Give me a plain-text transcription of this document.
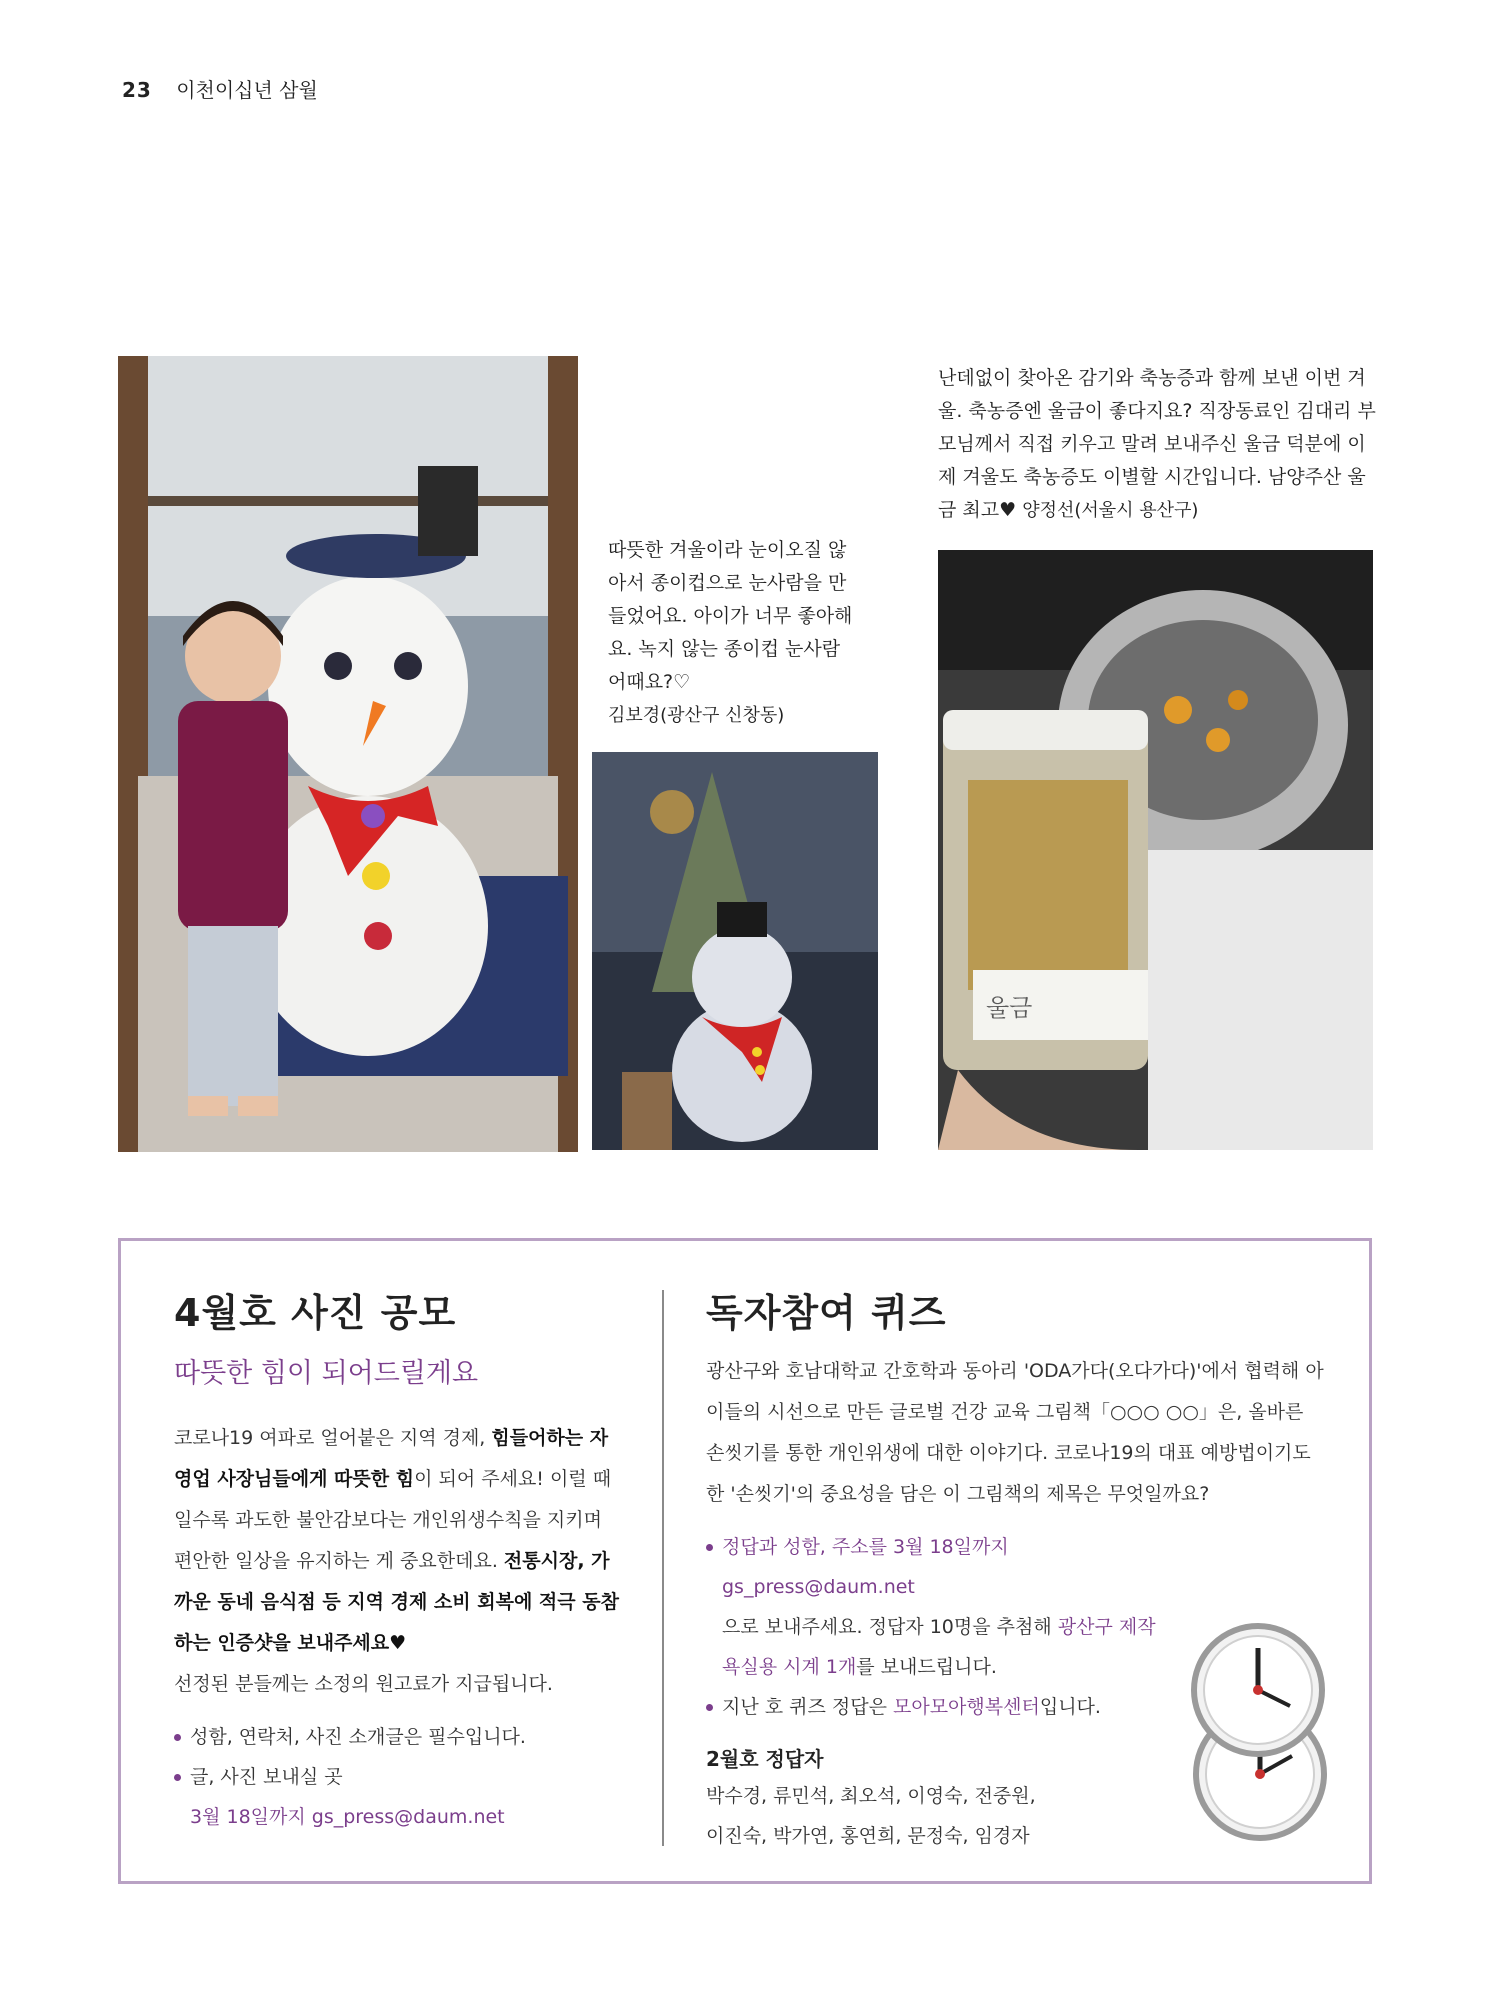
23 이천이십년 삼월
울금
따뜻한 겨울이라 눈이오질 않아서 종이컵으로 눈사람을 만들었어요. 아이가 너무 좋아해요. 녹지 않는 종이컵 눈사람 어때요?♡
김보경(광산구 신창동)
난데없이 찾아온 감기와 축농증과 함께 보낸 이번 겨울. 축농증엔 울금이 좋다지요? 직장동료인 김대리 부모님께서 직접 키우고 말려 보내주신 울금 덕분에 이제 겨울도 축농증도 이별할 시간입니다. 남양주산 울금 최고♥ 양정선(서울시 용산구)
4월호 사진 공모
따뜻한 힘이 되어드릴게요

코로나19 여파로 얼어붙은 지역 경제, 힘들어하는 자영업 사장님들에게 따뜻한 힘이 되어 주세요! 이럴 때일수록 과도한 불안감보다는 개인위생수칙을 지키며 편안한 일상을 유지하는 게 중요한데요. 전통시장, 가까운 동네 음식점 등 지역 경제 소비 회복에 적극 동참하는 인증샷을 보내주세요♥
선정된 분들께는 소정의 원고료가 지급됩니다.

성함, 연락처, 사진 소개글은 필수입니다.
글, 사진 보내실 곳
3월 18일까지 gs_press@daum.net
독자참여 퀴즈

광산구와 호남대학교 간호학과 동아리 'ODA가다(오다가다)'에서 협력해 아이들의 시선으로 만든 글로벌 건강 교육 그림책「○○○ ○○」은, 올바른 손씻기를 통한 개인위생에 대한 이야기다. 코로나19의 대표 예방법이기도 한 '손씻기'의 중요성을 담은 이 그림책의 제목은 무엇일까요?

정답과 성함, 주소를 3월 18일까지 gs_press@daum.net
으로 보내주세요. 정답자 10명을 추첨해 광산구 제작 욕실용 시계 1개를 보내드립니다.
지난 호 퀴즈 정답은 모아모아행복센터입니다.
2월호 정답자

박수경, 류민석, 최오석, 이영숙, 전중원,
이진숙, 박가연, 홍연희, 문정숙, 임경자
